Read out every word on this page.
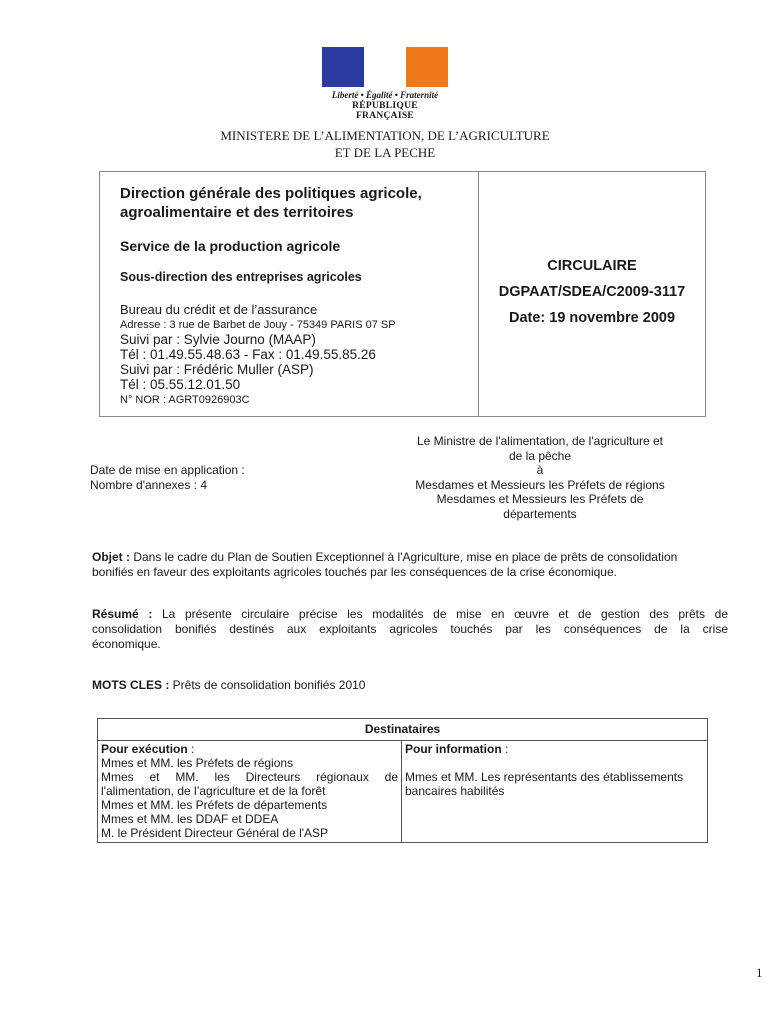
Liberté • Égalité • Fraternité
RÉPUBLIQUE FRANÇAISE
MINISTERE DE L’ALIMENTATION, DE L’AGRICULTURE
ET DE LA PECHE
Direction générale des politiques agricole,
agroalimentaire et des territoires
Service de la production agricole
Sous-direction des entreprises agricoles
Bureau du crédit et de l’assurance
Adresse : 3 rue de Barbet de Jouy - 75349 PARIS 07 SP
Suivi par : Sylvie Journo (MAAP)
Tél : 01.49.55.48.63 - Fax : 01.49.55.85.26
Suivi par : Frédéric Muller (ASP)
Tél : 05.55.12.01.50
N° NOR : AGRT0926903C
CIRCULAIRE
DGPAAT/SDEA/C2009-3117
Date: 19 novembre 2009
Date de mise en application :
Nombre d'annexes : 4
Le Ministre de l'alimentation, de l'agriculture et
de la pêche
à
Mesdames et Messieurs les Préfets de régions
Mesdames et Messieurs les Préfets de
départements
Objet : Dans le cadre du Plan de Soutien Exceptionnel à l'Agriculture, mise en place de prêts de consolidation
bonifiés en faveur des exploitants agricoles touchés par les conséquences de la crise économique.
Résumé : La présente circulaire précise les modalités de mise en œuvre et de gestion des prêts de
consolidation bonifiés destinés aux exploitants agricoles touchés par les conséquences de la crise
économique.
MOTS CLES : Prêts de consolidation bonifiés 2010
Destinataires
Pour exécution :
Mmes et MM. les Préfets de régions
Mmes et MM. les Directeurs régionaux de
l'alimentation, de l’agriculture et de la forêt
Mmes et MM. les Préfets de départements
Mmes et MM. les DDAF et DDEA
M. le Président Directeur Général de l'ASP
Pour information :
Mmes et MM. Les représentants des établissements
bancaires habilités
1
